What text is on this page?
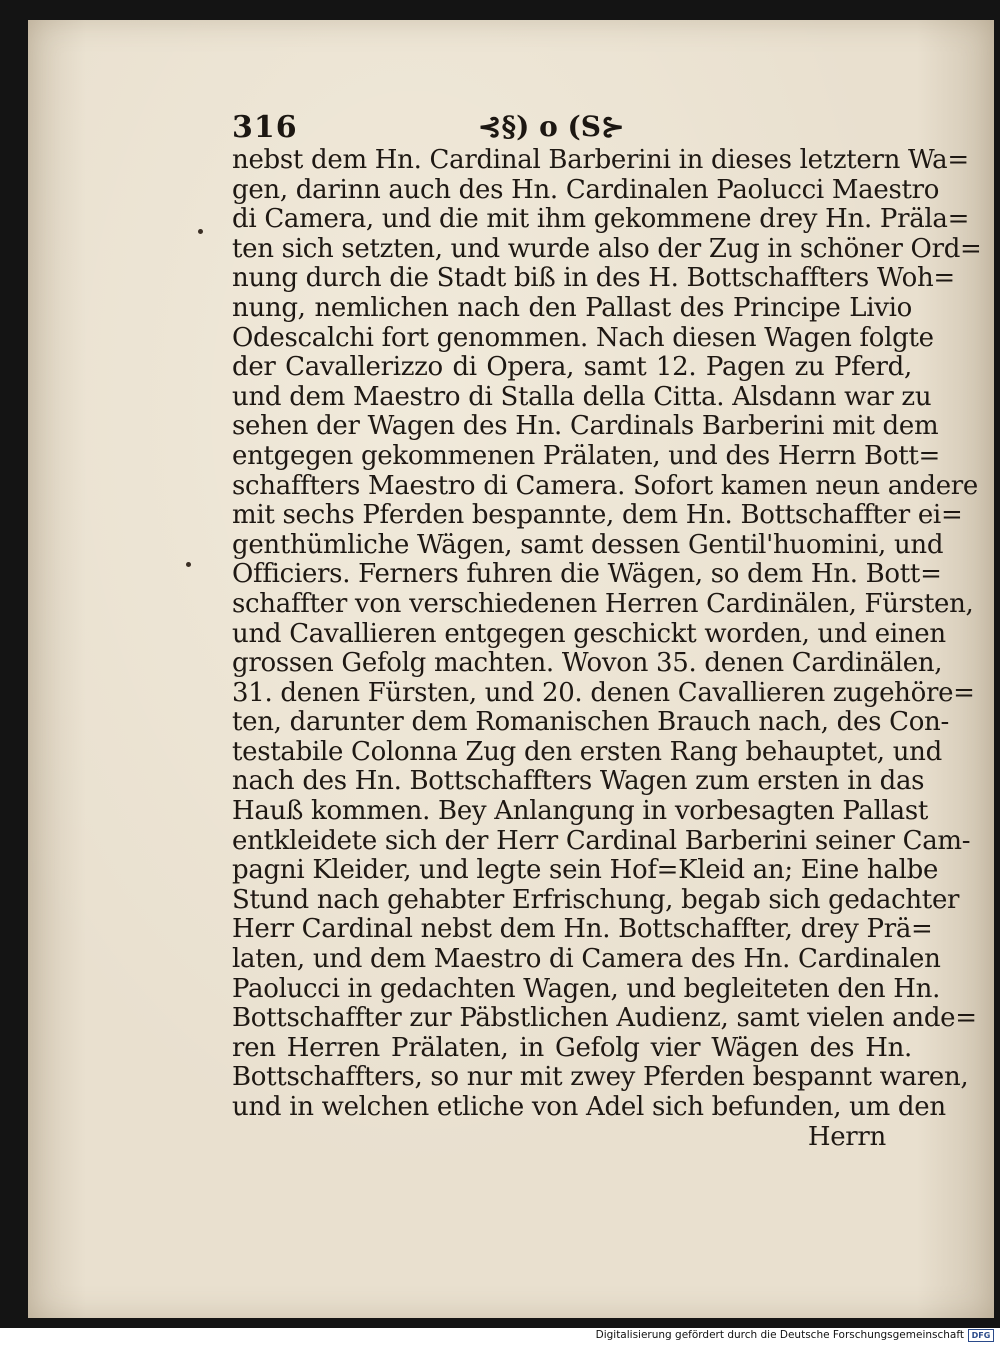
316	⊰§) o (S⊱
nebst dem Hn. Cardinal Barberini in dieses letztern Wa=
gen, darinn auch des Hn. Cardinalen Paolucci Maestro
di Camera, und die mit ihm gekommene drey Hn. Präla=
ten sich setzten, und wurde also der Zug in schöner Ord=
nung durch die Stadt biß in des H. Bottschaffters Woh=
nung, nemlichen nach den Pallast des Principe Livio
Odescalchi fort genommen. Nach diesen Wagen folgte
der Cavallerizzo di Opera, samt 12. Pagen zu Pferd,
und dem Maestro di Stalla della Citta. Alsdann war zu
sehen der Wagen des Hn. Cardinals Barberini mit dem
entgegen gekommenen Prälaten, und des Herrn Bott=
schaffters Maestro di Camera. Sofort kamen neun andere
mit sechs Pferden bespannte, dem Hn. Bottschaffter ei=
genthümliche Wägen, samt dessen Gentil'huomini, und
Officiers. Ferners fuhren die Wägen, so dem Hn. Bott=
schaffter von verschiedenen Herren Cardinälen, Fürsten,
und Cavallieren entgegen geschickt worden, und einen
grossen Gefolg machten. Wovon 35. denen Cardinälen,
31. denen Fürsten, und 20. denen Cavallieren zugehöre=
ten, darunter dem Romanischen Brauch nach, des Con-
testabile Colonna Zug den ersten Rang behauptet, und
nach des Hn. Bottschaffters Wagen zum ersten in das
Hauß kommen. Bey Anlangung in vorbesagten Pallast
entkleidete sich der Herr Cardinal Barberini seiner Cam-
pagni Kleider, und legte sein Hof=Kleid an; Eine halbe
Stund nach gehabter Erfrischung, begab sich gedachter
Herr Cardinal nebst dem Hn. Bottschaffter, drey Prä=
laten, und dem Maestro di Camera des Hn. Cardinalen
Paolucci in gedachten Wagen, und begleiteten den Hn.
Bottschaffter zur Päbstlichen Audienz, samt vielen ande=
ren Herren Prälaten, in Gefolg vier Wägen des Hn.
Bottschaffters, so nur mit zwey Pferden bespannt waren,
und in welchen etliche von Adel sich befunden, um den
Herrn
Digitalisierung gefördert durch die Deutsche Forschungsgemeinschaft DFG
